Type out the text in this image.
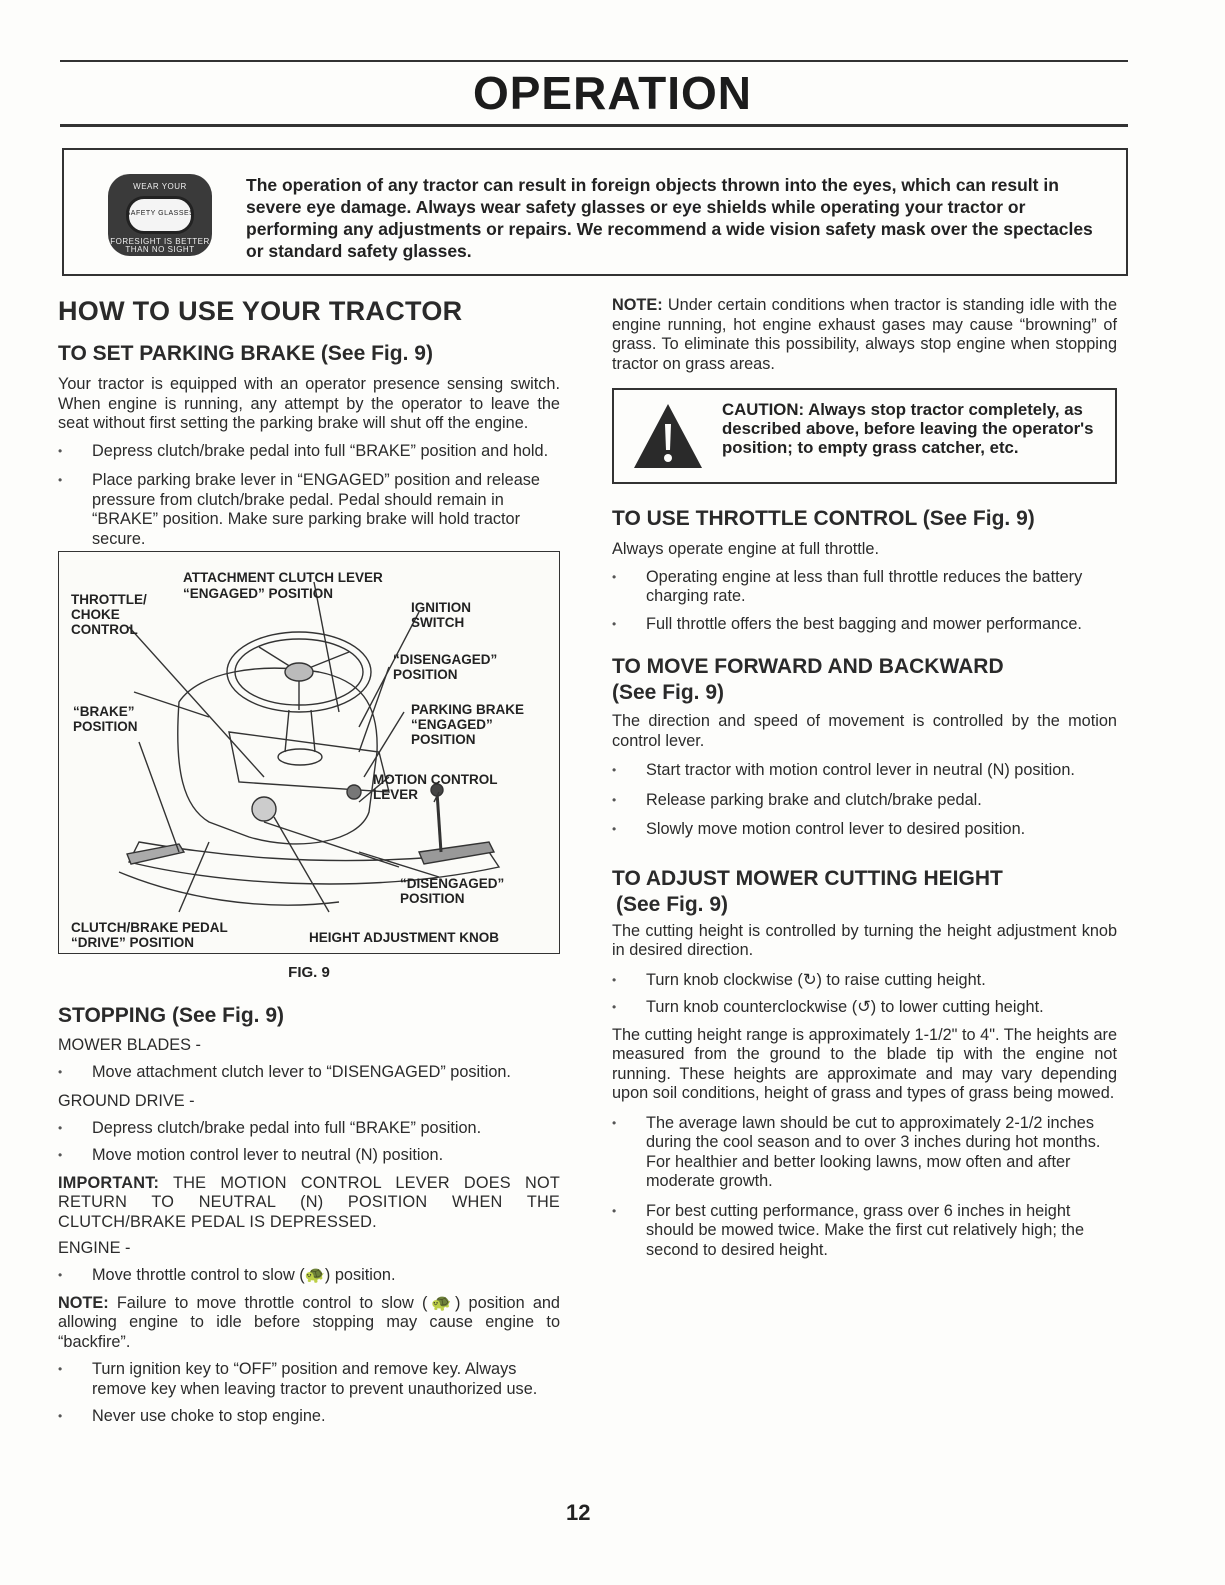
OPERATION
WEAR YOUR
SAFETY GLASSES
FORESIGHT IS BETTER THAN NO SIGHT
The operation of any tractor can result in foreign objects thrown into the eyes, which can result in severe eye damage. Always wear safety glasses or eye shields while operating your tractor or performing any adjustments or repairs. We recommend a wide vision safety mask over the spectacles or standard safety glasses.
HOW TO USE YOUR TRACTOR
TO SET PARKING BRAKE (See Fig. 9)
Your tractor is equipped with an operator presence sensing switch. When engine is running, any attempt by the operator to leave the seat without first setting the parking brake will shut off the engine.
• Depress clutch/brake pedal into full “BRAKE” position and hold.
• Place parking brake lever in “ENGAGED” position and release pressure from clutch/brake pedal. Pedal should remain in “BRAKE” position. Make sure parking brake will hold tractor secure.
ATTACHMENT CLUTCH LEVER
“ENGAGED” POSITION
THROTTLE/ CHOKE CONTROL
IGNITION SWITCH
“DISENGAGED” POSITION
“BRAKE” POSITION
PARKING BRAKE “ENGAGED” POSITION
MOTION CONTROL LEVER
“DISENGAGED” POSITION
CLUTCH/BRAKE PEDAL “DRIVE” POSITION	HEIGHT ADJUSTMENT KNOB
FIG. 9
STOPPING (See Fig. 9)
MOWER BLADES -
• Move attachment clutch lever to “DISENGAGED” position.
GROUND DRIVE -
• Depress clutch/brake pedal into full “BRAKE” position.
• Move motion control lever to neutral (N) position.
IMPORTANT: THE MOTION CONTROL LEVER DOES NOT RETURN TO NEUTRAL (N) POSITION WHEN THE CLUTCH/BRAKE PEDAL IS DEPRESSED.
ENGINE -
• Move throttle control to slow (🐢) position.
NOTE: Failure to move throttle control to slow (🐢) position and allowing engine to idle before stopping may cause engine to “backfire”.
• Turn ignition key to “OFF” position and remove key. Always remove key when leaving tractor to prevent unauthorized use.
• Never use choke to stop engine.
NOTE: Under certain conditions when tractor is standing idle with the engine running, hot engine exhaust gases may cause “browning” of grass. To eliminate this possibility, always stop engine when stopping tractor on grass areas.
CAUTION: Always stop tractor completely, as described above, before leaving the operator's position; to empty grass catcher, etc.
TO USE THROTTLE CONTROL (See Fig. 9)
Always operate engine at full throttle.
• Operating engine at less than full throttle reduces the battery charging rate.
• Full throttle offers the best bagging and mower performance.
TO MOVE FORWARD AND BACKWARD
(See Fig. 9)
The direction and speed of movement is controlled by the motion control lever.
• Start tractor with motion control lever in neutral (N) position.
• Release parking brake and clutch/brake pedal.
• Slowly move motion control lever to desired position.
TO ADJUST MOWER CUTTING HEIGHT
(See Fig. 9)
The cutting height is controlled by turning the height adjustment knob in desired direction.
• Turn knob clockwise (↻) to raise cutting height.
• Turn knob counterclockwise (↺) to lower cutting height.
The cutting height range is approximately 1-1/2" to 4". The heights are measured from the ground to the blade tip with the engine not running. These heights are approximate and may vary depending upon soil conditions, height of grass and types of grass being mowed.
• The average lawn should be cut to approximately 2-1/2 inches during the cool season and to over 3 inches during hot months. For healthier and better looking lawns, mow often and after moderate growth.
• For best cutting performance, grass over 6 inches in height should be mowed twice. Make the first cut relatively high; the second to desired height.
12
